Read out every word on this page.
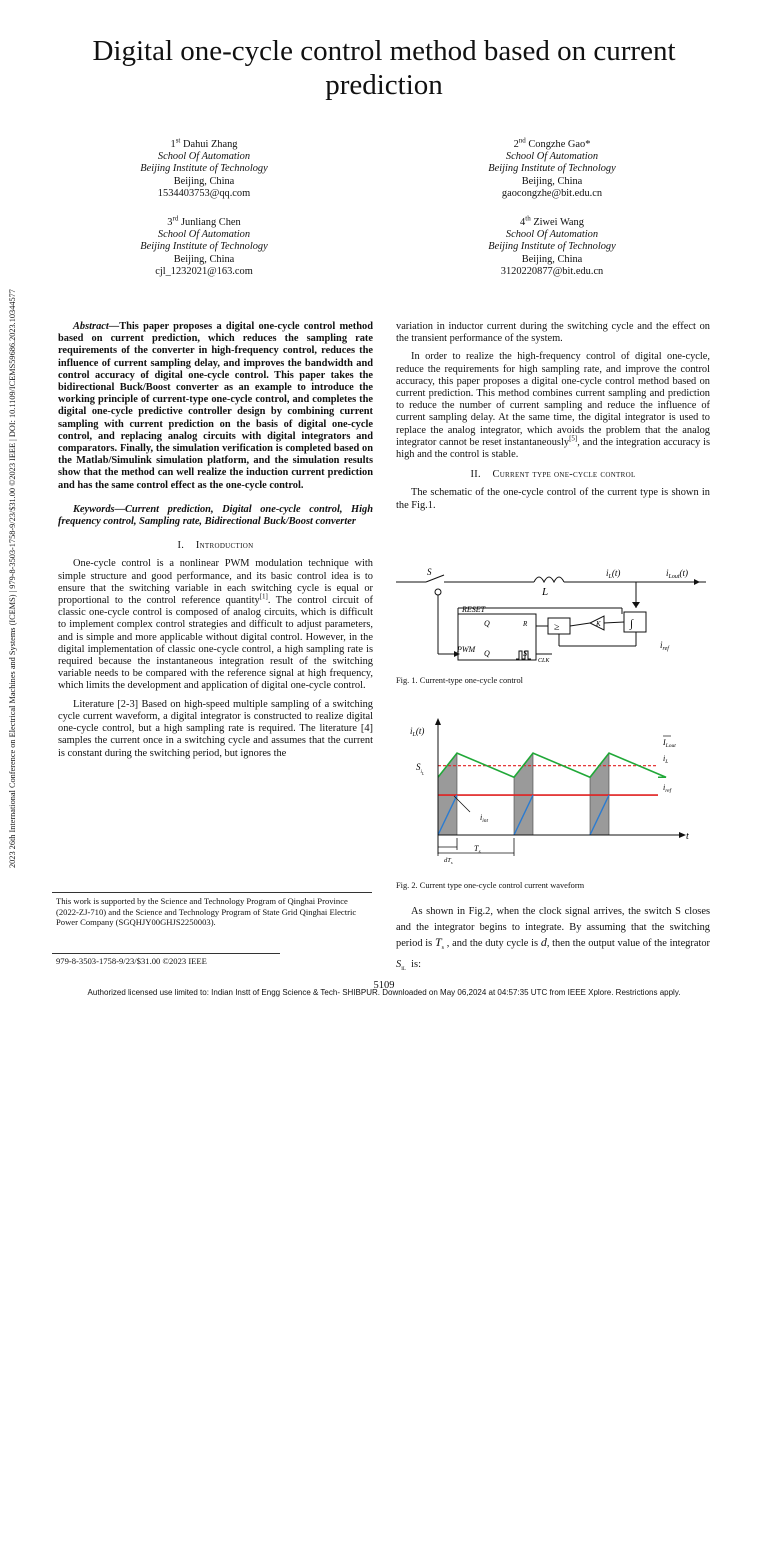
Digital one-cycle control method based on current prediction
2023 26th International Conference on Electrical Machines and Systems (ICEMS) | 979-8-3503-1758-9/23/$31.00 ©2023 IEEE | DOI: 10.1109/ICEMS59686.2023.10344577
1st Dahui Zhang
School Of Automation
Beijing Institute of Technology
Beijing, China
1534403753@qq.com
2nd Congzhe Gao*
School Of Automation
Beijing Institute of Technology
Beijing, China
gaocongzhe@bit.edu.cn
3rd Junliang Chen
School Of Automation
Beijing Institute of Technology
Beijing, China
cjl_1232021@163.com
4th Ziwei Wang
School Of Automation
Beijing Institute of Technology
Beijing, China
3120220877@bit.edu.cn

Abstract—This paper proposes a digital one-cycle control method based on current prediction, which reduces the sampling rate requirements of the converter in high-frequency control, reduces the influence of current sampling delay, and improves the bandwidth and control accuracy of digital one-cycle control. This paper takes the bidirectional Buck/Boost converter as an example to introduce the working principle of current-type one-cycle control, and completes the digital one-cycle predictive controller design by combining current sampling with current prediction on the basis of digital one-cycle control, and replacing analog circuits with digital integrators and comparators. Finally, the simulation verification is completed based on the Matlab/Simulink simulation platform, and the simulation results show that the method can well realize the induction current prediction and has the same control effect as the one-cycle control.

Keywords—Current prediction, Digital one-cycle control, High frequency control, Sampling rate, Bidirectional Buck/Boost converter

I. Introduction

One-cycle control is a nonlinear PWM modulation technique with simple structure and good performance, and its basic control idea is to ensure that the switching variable in each switching cycle is equal or proportional to the control reference quantity[1]. The control circuit of classic one-cycle control is composed of analog circuits, which is difficult to implement complex control strategies and difficult to adjust parameters, and is simple and more applicable without digital control. However, in the digital implementation of classic one-cycle control, a high sampling rate is required because the instantaneous integration result of the switching variable needs to be compared with the reference signal at high frequency, which limits the development and application of digital one-cycle control.

Literature [2-3] Based on high-speed multiple sampling of a switching cycle current waveform, a digital integrator is constructed to realize digital one-cycle control, but a high sampling rate is required. The literature [4] samples the current once in a switching cycle and assumes that the current is constant during the switching period, but ignores the

This work is supported by the Science and Technology Program of Qinghai Province (2022-ZJ-710) and the Science and Technology Program of State Grid Qinghai Electric Power Company (SGQHJY00GHJS2250003).
979-8-3503-1758-9/23/$31.00 ©2023 IEEE

variation in inductor current during the switching cycle and the effect on the transient performance of the system.

In order to realize the high-frequency control of digital one-cycle, reduce the requirements for high sampling rate, and improve the control accuracy, this paper proposes a digital one-cycle control method based on current prediction. This method combines current sampling and prediction to reduce the number of current sampling and reduce the influence of current sampling delay. At the same time, the digital integrator is used to replace the analog integrator, which avoids the problem that the analog integrator cannot be reset instantaneously[5], and the integration accuracy is high and the control is stable.

II. Current type one-cycle control

The schematic of the one-cycle control of the current type is shown in the Fig.1.

S
L
$i_L(t)$	$i_{Lout}(t)$
RESET
Q	R
PWM Q	S
CLK
≥	K	∫
$i_{ref}$
Fig. 1. Current-type one-cycle control
$i_L(t)$
$I_{Lout}$
$i_L$
$i_{ref}$
$S_{iL}$
$i_{int}$
t
$T_s$
$dT_s$
Fig. 2. Current type one-cycle control current waveform

As shown in Fig.2, when the clock signal arrives, the switch S closes and the integrator begins to integrate. By assuming that the switching period is $T_s$ , and the duty cycle is d, then the output value of the integrator $S_{iL}$ is:

5109
Authorized licensed use limited to: Indian Instt of Engg Science & Tech- SHIBPUR. Downloaded on May 06,2024 at 04:57:35 UTC from IEEE Xplore. Restrictions apply.
